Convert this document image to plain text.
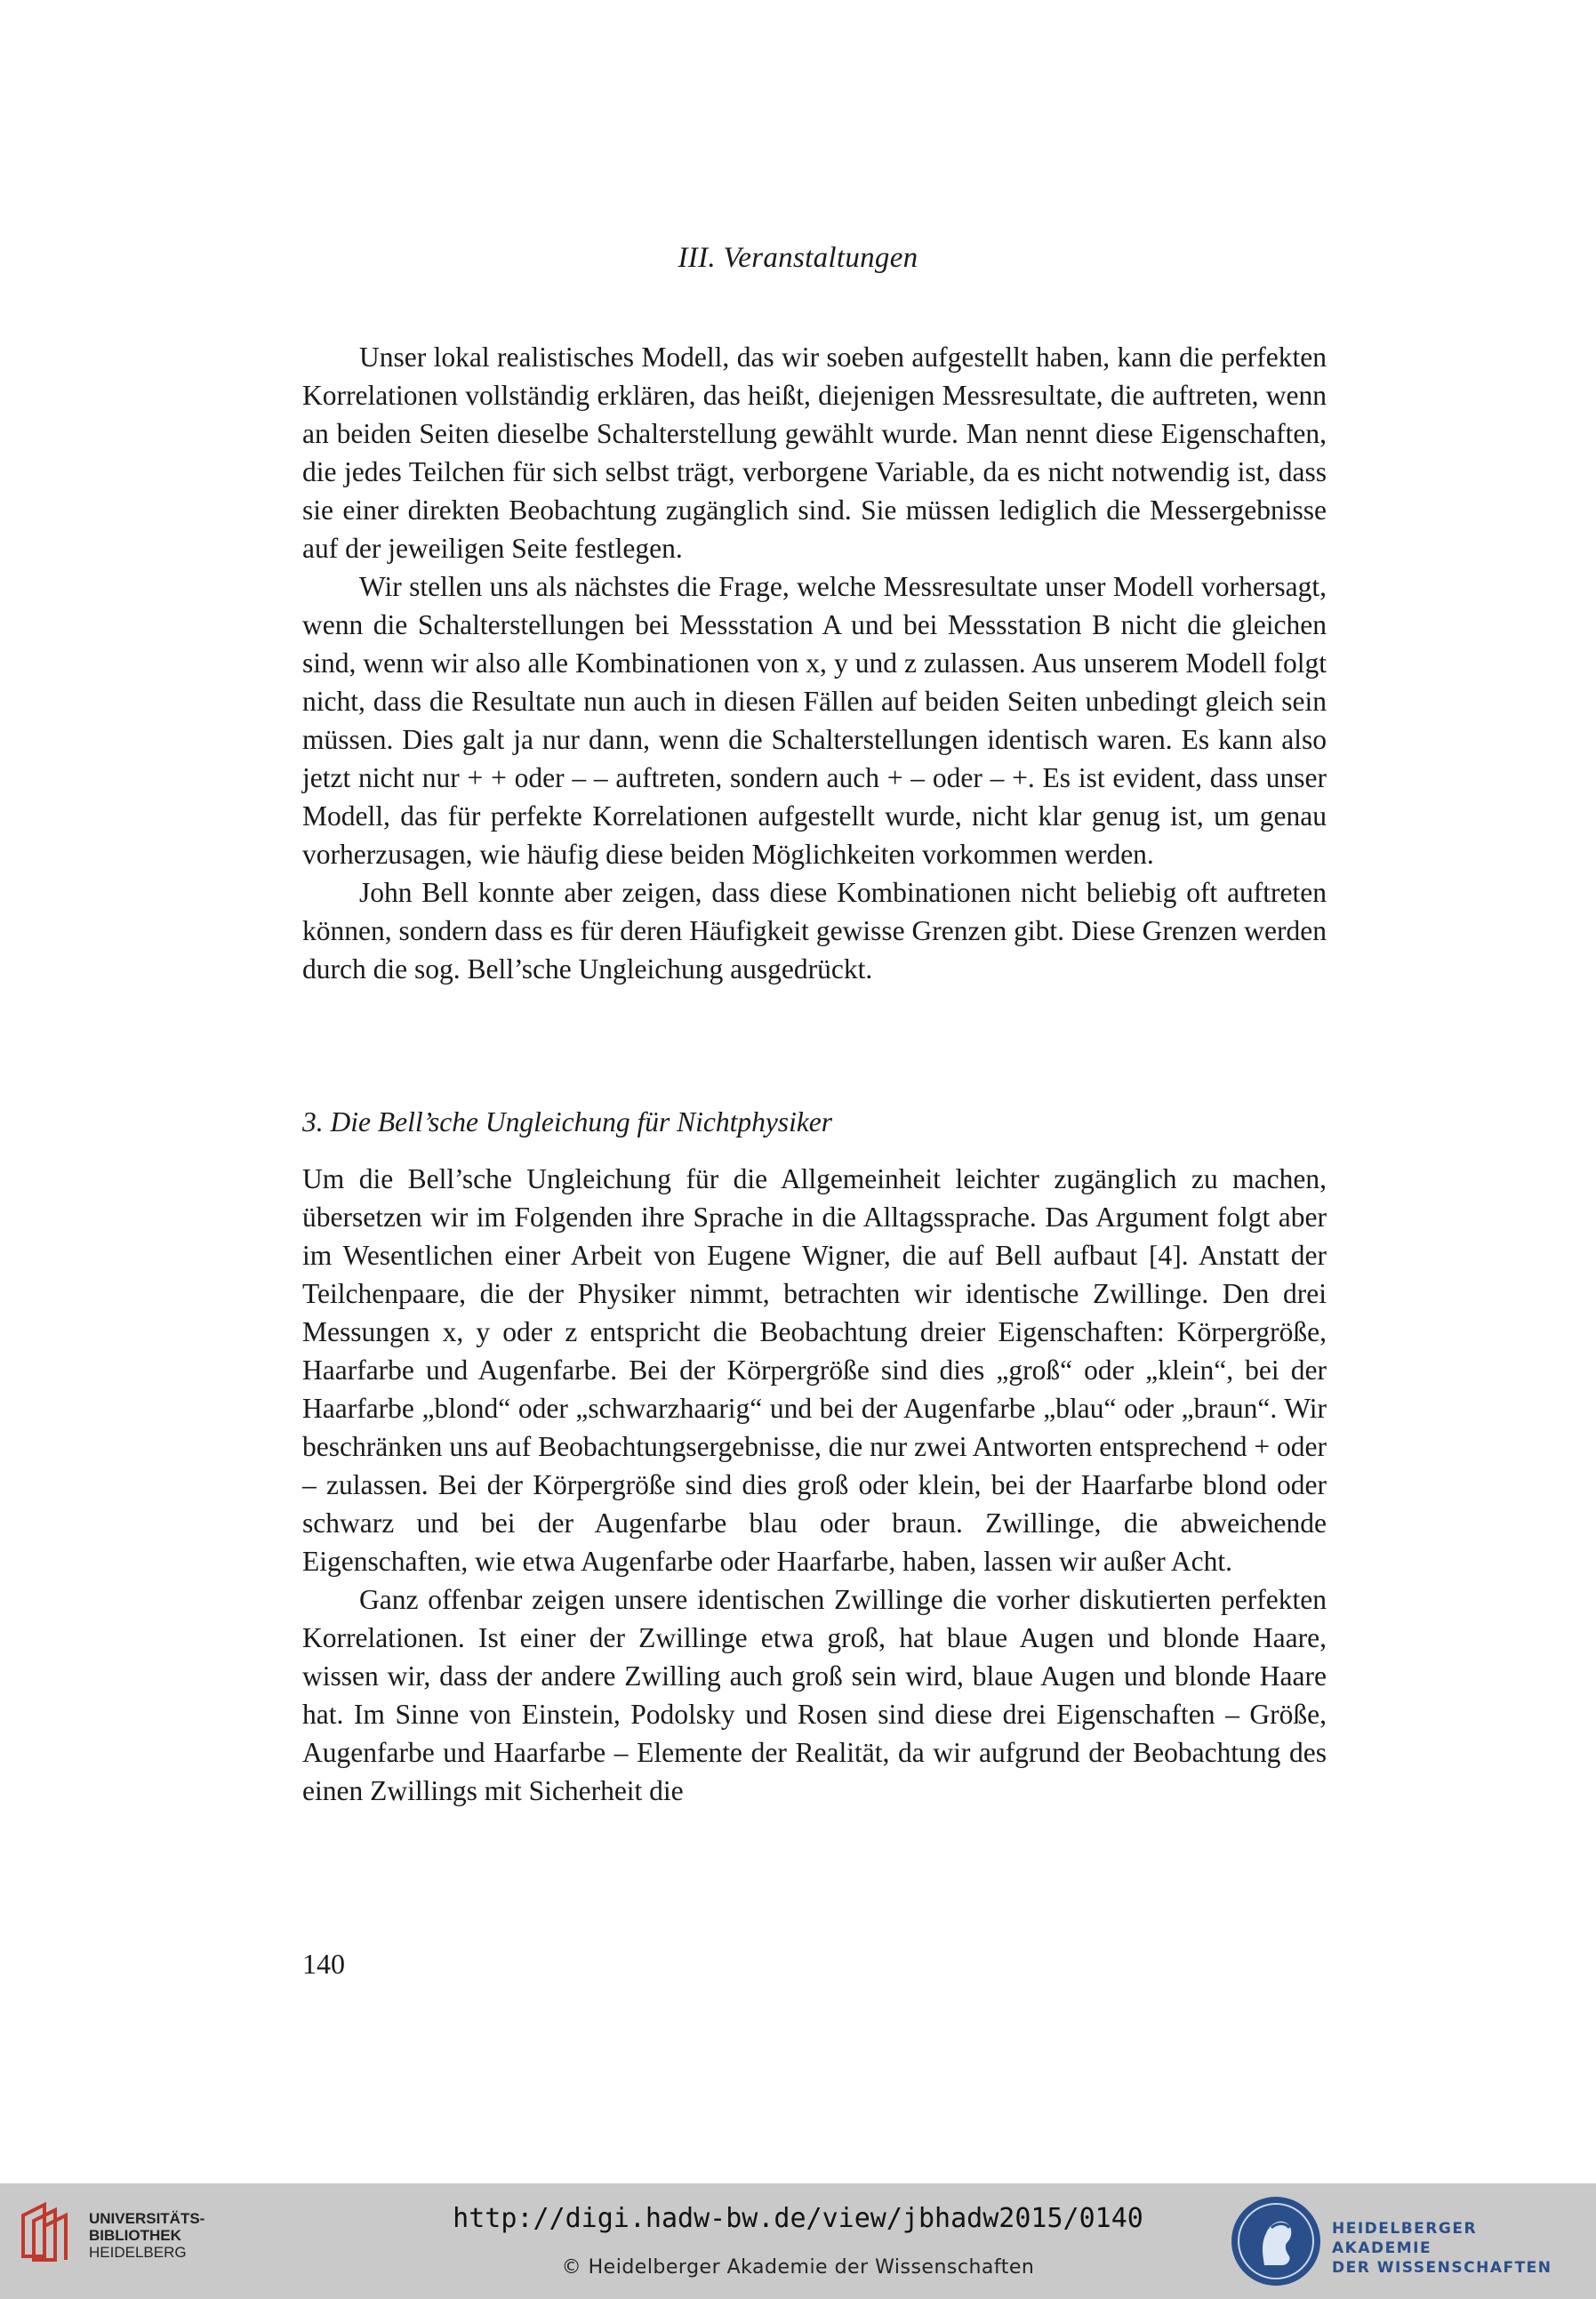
III. Veranstaltungen

Unser lokal realistisches Modell, das wir soeben aufgestellt haben, kann die perfekten Korrelationen vollständig erklären, das heißt, diejenigen Messresultate, die auftreten, wenn an beiden Seiten dieselbe Schalterstellung gewählt wurde. Man nennt diese Eigenschaften, die jedes Teilchen für sich selbst trägt, verborgene Variable, da es nicht notwendig ist, dass sie einer direkten Beobachtung zugänglich sind. Sie müssen lediglich die Messergebnisse auf der jeweiligen Seite festlegen.

Wir stellen uns als nächstes die Frage, welche Messresultate unser Modell vorhersagt, wenn die Schalterstellungen bei Messstation A und bei Messstation B nicht die gleichen sind, wenn wir also alle Kombinationen von x, y und z zulassen. Aus unserem Modell folgt nicht, dass die Resultate nun auch in diesen Fällen auf beiden Seiten unbedingt gleich sein müssen. Dies galt ja nur dann, wenn die Schalterstellungen identisch waren. Es kann also jetzt nicht nur + + oder – – auftreten, sondern auch + – oder – +. Es ist evident, dass unser Modell, das für perfekte Korrelationen aufgestellt wurde, nicht klar genug ist, um genau vorherzusagen, wie häufig diese beiden Möglichkeiten vorkommen werden.

John Bell konnte aber zeigen, dass diese Kombinationen nicht beliebig oft auftreten können, sondern dass es für deren Häufigkeit gewisse Grenzen gibt. Diese Grenzen werden durch die sog. Bell’sche Ungleichung ausgedrückt.

3. Die Bell’sche Ungleichung für Nichtphysiker

Um die Bell’sche Ungleichung für die Allgemeinheit leichter zugänglich zu machen, übersetzen wir im Folgenden ihre Sprache in die Alltagssprache. Das Argument folgt aber im Wesentlichen einer Arbeit von Eugene Wigner, die auf Bell aufbaut [4]. Anstatt der Teilchenpaare, die der Physiker nimmt, betrachten wir identische Zwillinge. Den drei Messungen x, y oder z entspricht die Beobachtung dreier Eigenschaften: Körpergröße, Haarfarbe und Augenfarbe. Bei der Körpergröße sind dies „groß“ oder „klein“, bei der Haarfarbe „blond“ oder „schwarzhaarig“ und bei der Augenfarbe „blau“ oder „braun“. Wir beschränken uns auf Beobachtungsergebnisse, die nur zwei Antworten entsprechend + oder – zulassen. Bei der Körpergröße sind dies groß oder klein, bei der Haarfarbe blond oder schwarz und bei der Augenfarbe blau oder braun. Zwillinge, die abweichende Eigenschaften, wie etwa Augenfarbe oder Haarfarbe, haben, lassen wir außer Acht.

Ganz offenbar zeigen unsere identischen Zwillinge die vorher diskutierten perfekten Korrelationen. Ist einer der Zwillinge etwa groß, hat blaue Augen und blonde Haare, wissen wir, dass der andere Zwilling auch groß sein wird, blaue Augen und blonde Haare hat. Im Sinne von Einstein, Podolsky und Rosen sind diese drei Eigenschaften – Größe, Augenfarbe und Haarfarbe – Elemente der Realität, da wir aufgrund der Beobachtung des einen Zwillings mit Sicherheit die

140
UNIVERSITÄTS-
BIBLIOTHEK
HEIDELBERG
http://digi.hadw-bw.de/view/jbhadw2015/0140
© Heidelberger Akademie der Wissenschaften
HEIDELBERGER AKADEMIE
DER WISSENSCHAFTEN
